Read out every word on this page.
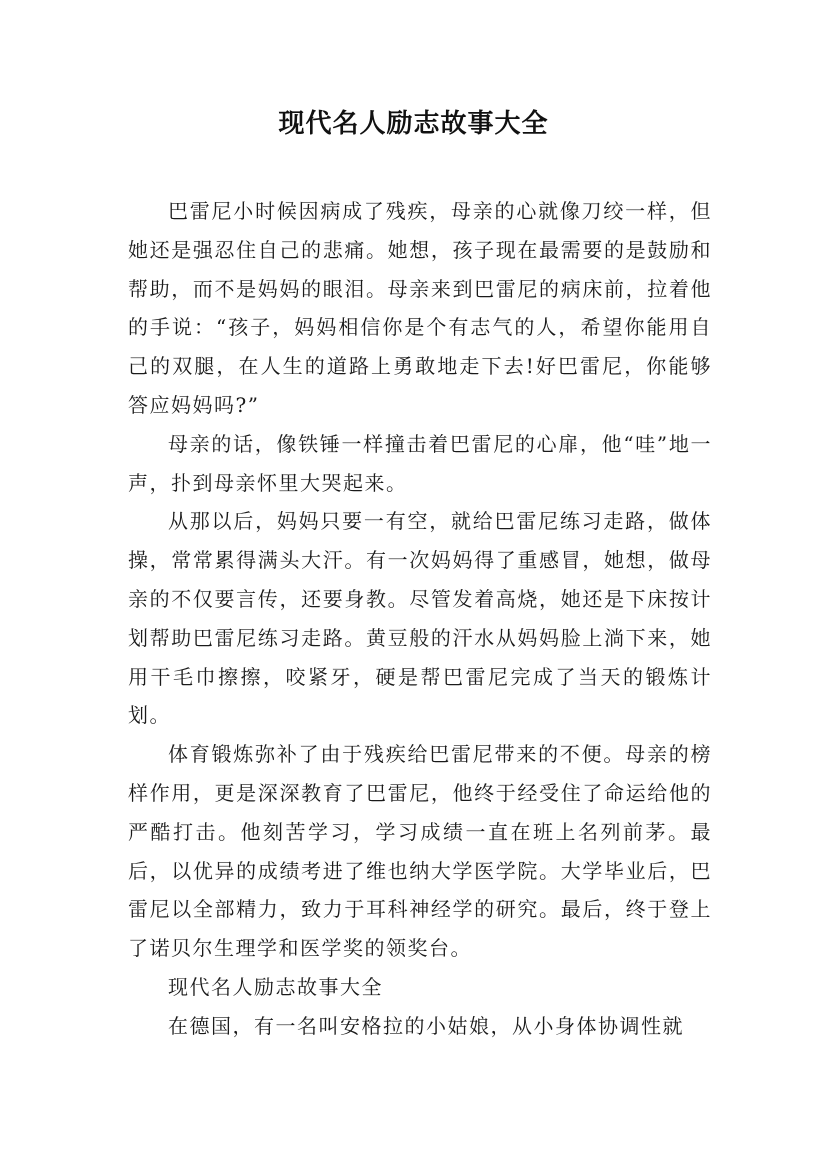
现代名人励志故事大全

巴雷尼小时候因病成了残疾，母亲的心就像刀绞一样，但她还是强忍住自己的悲痛。她想，孩子现在最需要的是鼓励和帮助，而不是妈妈的眼泪。母亲来到巴雷尼的病床前，拉着他的手说：“孩子，妈妈相信你是个有志气的人，希望你能用自己的双腿，在人生的道路上勇敢地走下去!好巴雷尼，你能够答应妈妈吗?”

母亲的话，像铁锤一样撞击着巴雷尼的心扉，他“哇”地一声，扑到母亲怀里大哭起来。

从那以后，妈妈只要一有空，就给巴雷尼练习走路，做体操，常常累得满头大汗。有一次妈妈得了重感冒，她想，做母亲的不仅要言传，还要身教。尽管发着高烧，她还是下床按计划帮助巴雷尼练习走路。黄豆般的汗水从妈妈脸上淌下来，她用干毛巾擦擦，咬紧牙，硬是帮巴雷尼完成了当天的锻炼计划。

体育锻炼弥补了由于残疾给巴雷尼带来的不便。母亲的榜样作用，更是深深教育了巴雷尼，他终于经受住了命运给他的严酷打击。他刻苦学习，学习成绩一直在班上名列前茅。最后，以优异的成绩考进了维也纳大学医学院。大学毕业后，巴雷尼以全部精力，致力于耳科神经学的研究。最后，终于登上了诺贝尔生理学和医学奖的领奖台。

现代名人励志故事大全

在德国，有一名叫安格拉的小姑娘，从小身体协调性就
